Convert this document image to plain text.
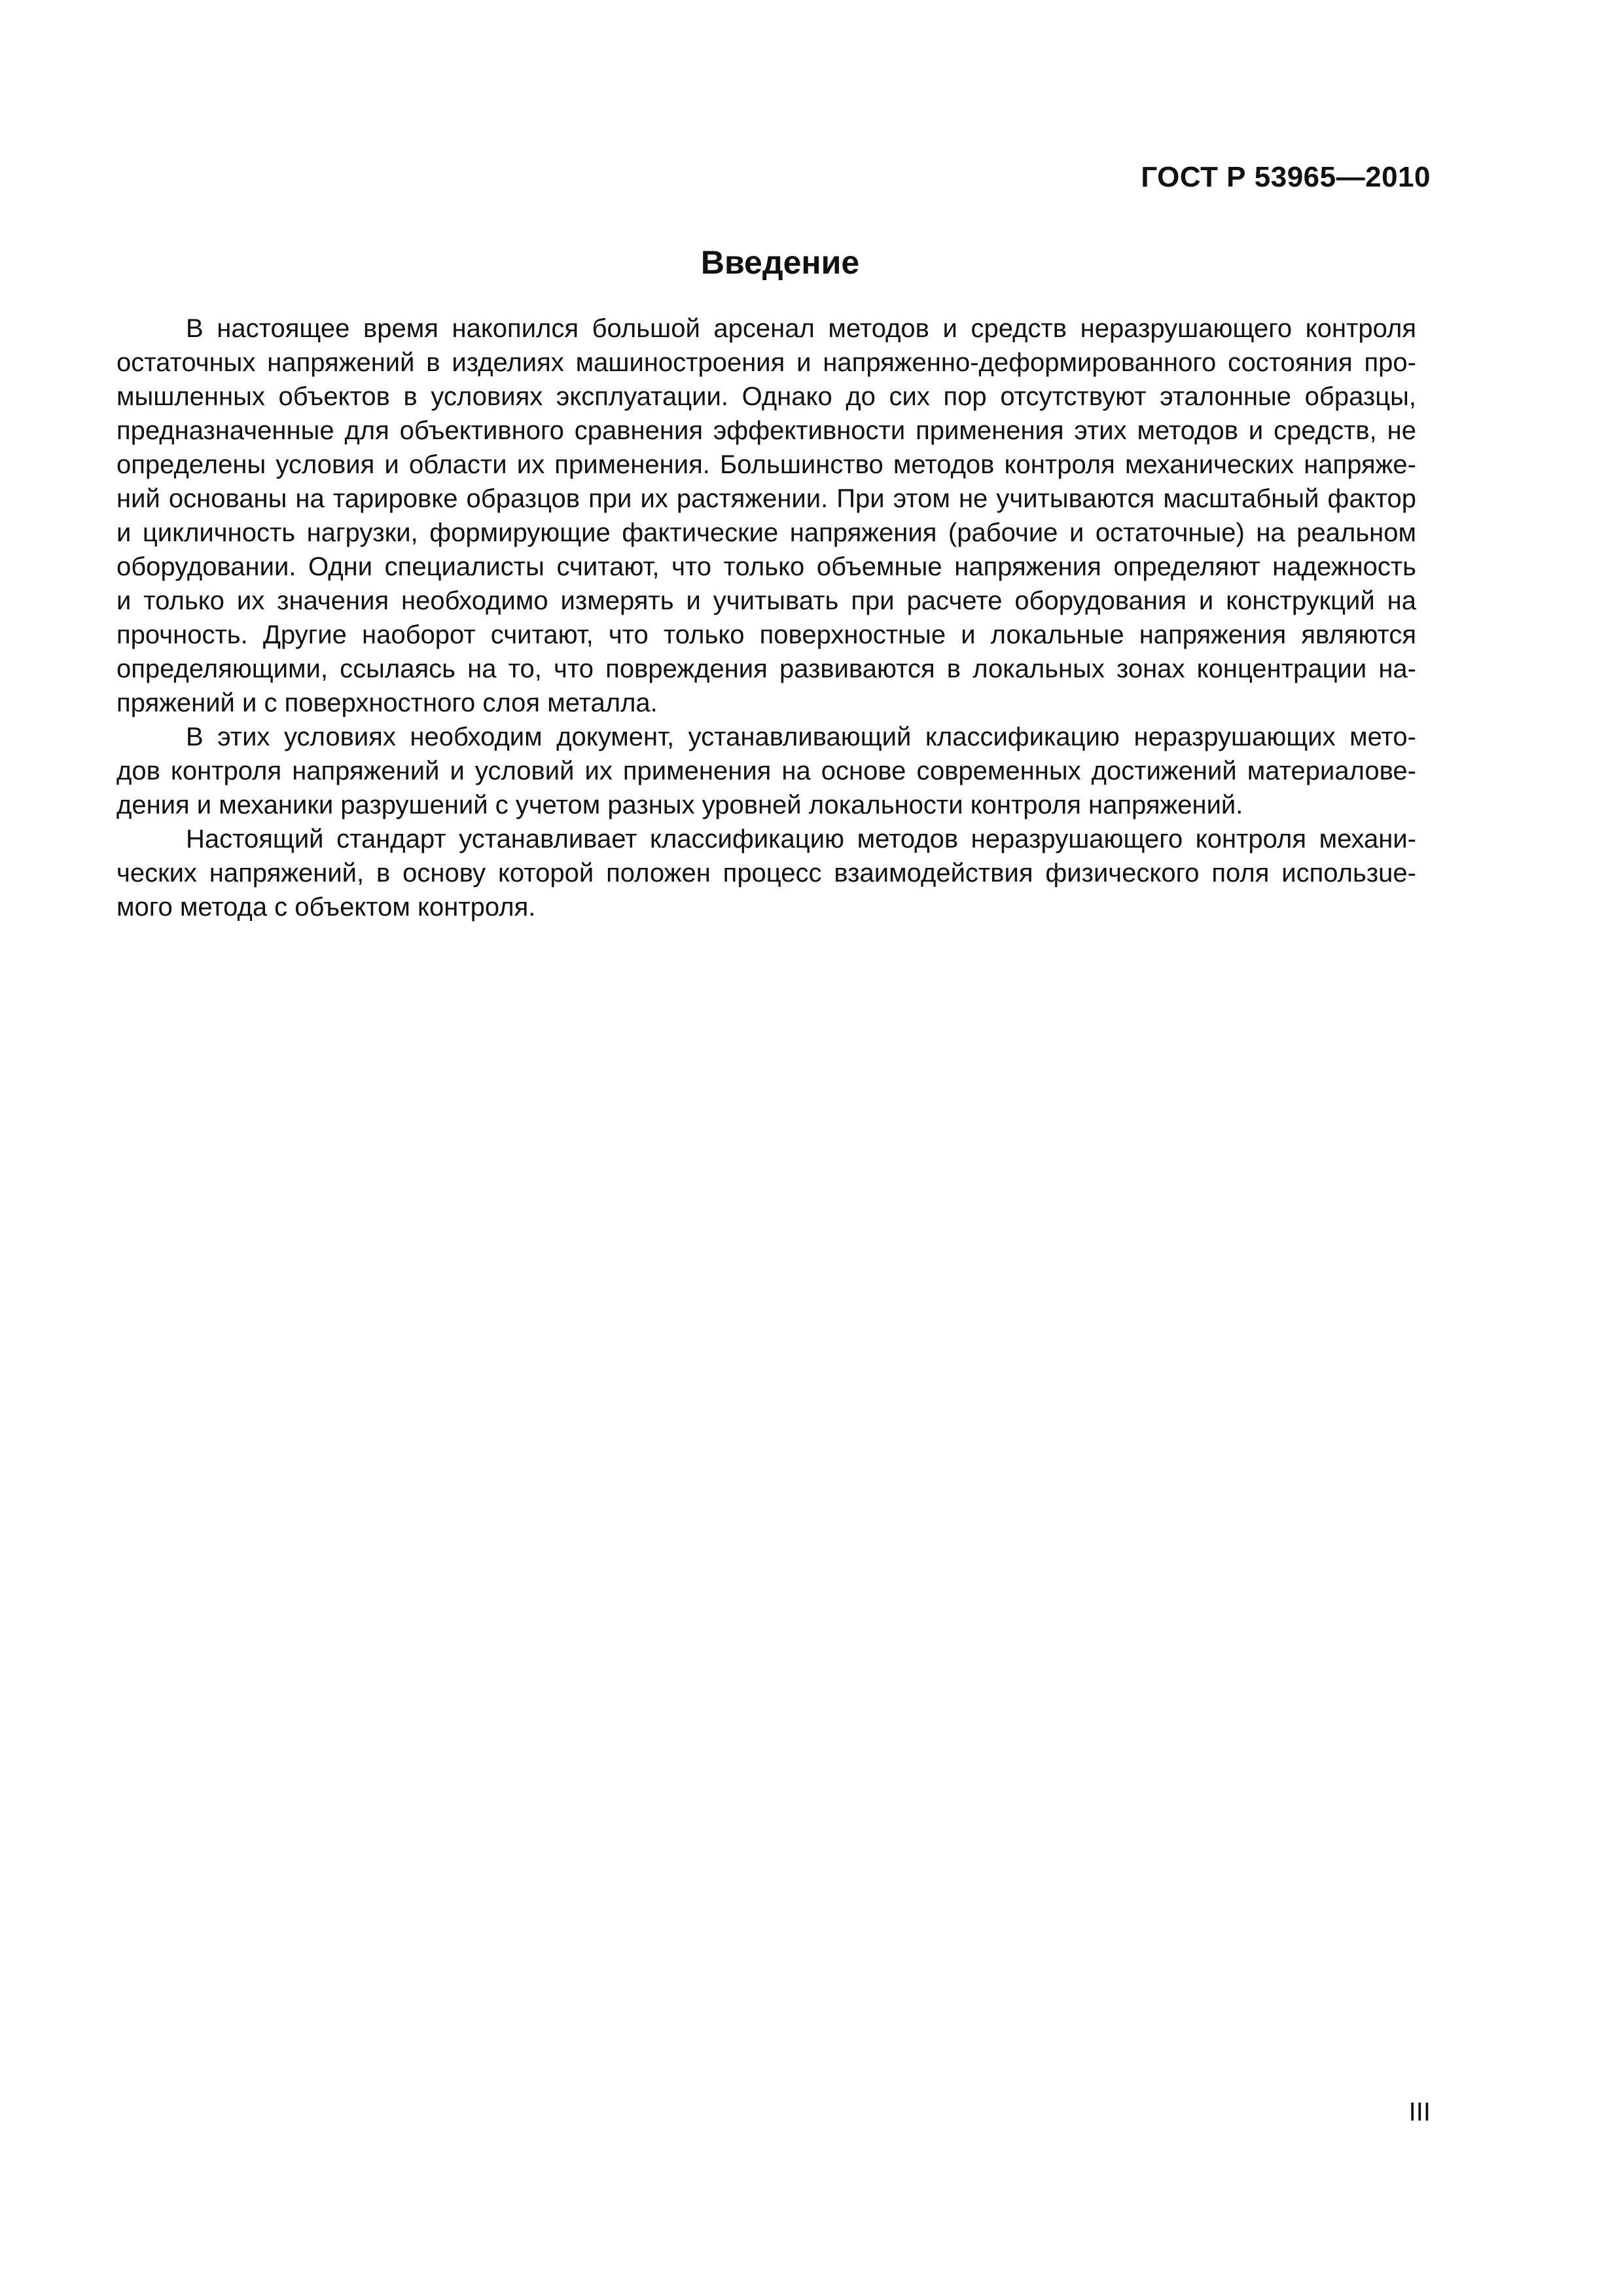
ГОСТ Р 53965—2010
Введение
В настоящее время накопился большой арсенал методов и средств неразрушающего контроля
остаточных напряжений в изделиях машиностроения и напряженно-деформированного состояния про-
мышленных объектов в условиях эксплуатации. Однако до сих пор отсутствуют эталонные образцы,
предназначенные для объективного сравнения эффективности применения этих методов и средств, не
определены условия и области их применения. Большинство методов контроля механических напряже-
ний основаны на тарировке образцов при их растяжении. При этом не учитываются масштабный фактор
и цикличность нагрузки, формирующие фактические напряжения (рабочие и остаточные) на реальном
оборудовании. Одни специалисты считают, что только объемные напряжения определяют надежность
и только их значения необходимо измерять и учитывать при расчете оборудования и конструкций на
прочность. Другие наоборот считают, что только поверхностные и локальные напряжения являются
определяющими, ссылаясь на то, что повреждения развиваются в локальных зонах концентрации на-
пряжений и с поверхностного слоя металла.
В этих условиях необходим документ, устанавливающий классификацию неразрушающих мето-
дов контроля напряжений и условий их применения на основе современных достижений материалове-
дения и механики разрушений с учетом разных уровней локальности контроля напряжений.
Настоящий стандарт устанавливает классификацию методов неразрушающего контроля механи-
ческих напряжений, в основу которой положен процесс взаимодействия физического поля использue-
мого метода с объектом контроля.
III
